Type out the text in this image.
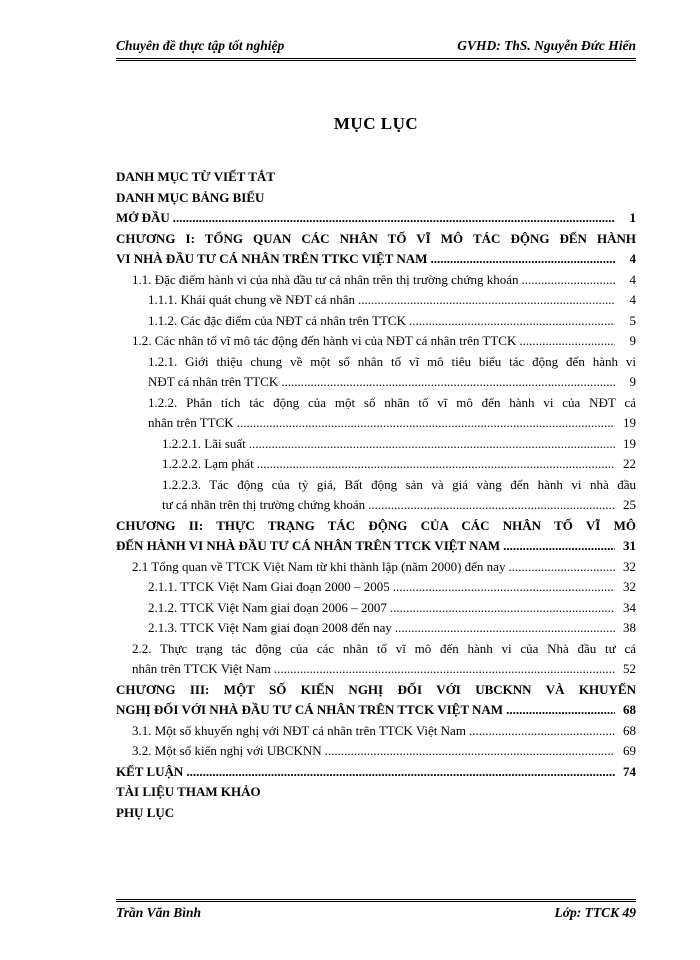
Chuyên đề thực tập tốt nghiệp	GVHD: ThS. Nguyễn Đức Hiển
MỤC LỤC
DANH MỤC TỪ VIẾT TẮT
DANH MỤC BẢNG BIỂU
MỞ ĐẦU .....	1
CHƯƠNG I: TỔNG QUAN CÁC NHÂN TỐ VĨ MÔ TÁC ĐỘNG ĐẾN HÀNH
VI NHÀ ĐẦU TƯ CÁ NHÂN TRÊN TTKC VIỆT NAM .....	4
1.1. Đặc điểm hành vi của nhà đầu tư cá nhân trên thị trường chứng khoán .....	4
1.1.1. Khái quát chung về NĐT cá nhân .....	4
1.1.2. Các đặc điểm của NĐT cá nhân trên TTCK .....	5
1.2. Các nhân tố vĩ mô tác động đến hành vi của NĐT cá nhân trên TTCK .....	9
1.2.1. Giới thiệu chung về một số nhân tố vĩ mô tiêu biểu tác động đến hành vi
NĐT cá nhân trên TTCK .....	9
1.2.2. Phân tích tác động của một số nhân tố vĩ mô đến hành vi của NĐT cá
nhân trên TTCK .....	19
1.2.2.1. Lãi suất .....	19
1.2.2.2. Lạm phát .....	22
1.2.2.3. Tác động của tỷ giá, Bất động sản và giá vàng đến hành vi nhà đầu
tư cá nhân trên thị trường chứng khoán .....	25
CHƯƠNG II: THỰC TRẠNG TÁC ĐỘNG CỦA CÁC NHÂN TỐ VĨ MÔ
ĐẾN HÀNH VI NHÀ ĐẦU TƯ CÁ NHÂN TRÊN TTCK VIỆT NAM .....	31
2.1 Tổng quan về TTCK Việt Nam từ khi thành lập (năm 2000) đến nay .....	32
2.1.1. TTCK Việt Nam Giai đoạn 2000 – 2005 .....	32
2.1.2. TTCK Việt Nam giai đoạn 2006 – 2007 .....	34
2.1.3. TTCK Việt Nam giai đoạn 2008 đến nay .....	38
2.2. Thực trạng tác động của các nhân tố vĩ mô đến hành vi của Nhà đầu tư cá
nhân trên TTCK Việt Nam .....	52
CHƯƠNG III: MỘT SỐ KIẾN NGHỊ ĐỐI VỚI UBCKNN VÀ KHUYẾN
NGHỊ ĐỐI VỚI NHÀ ĐẦU TƯ CÁ NHÂN TRÊN TTCK VIỆT NAM .....	68
3.1. Một số khuyến nghị với NĐT cá nhân trên TTCK Việt Nam .....	68
3.2. Một số kiến nghị với UBCKNN .....	69
KẾT LUẬN .....	74
TÀI LIỆU THAM KHẢO
PHỤ LỤC
Trần Văn Bình	Lớp: TTCK 49
